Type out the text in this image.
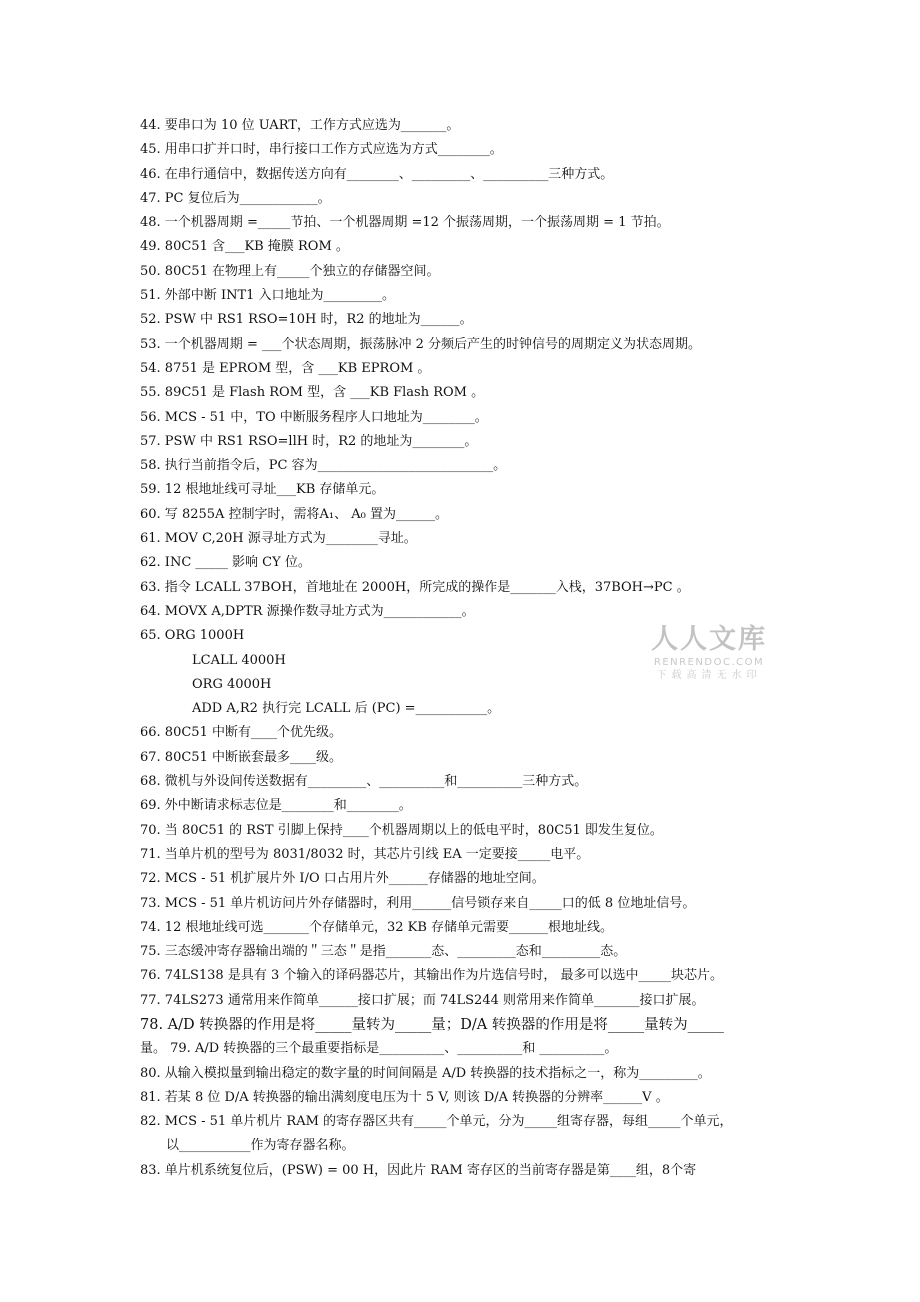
44. 要串口为 10 位 UART，工作方式应选为_______。
45. 用串口扩并口时，串行接口工作方式应选为方式________。
46. 在串行通信中，数据传送方向有________、_________、__________三种方式。
47. PC 复位后为____________。
48. 一个机器周期 =_____节拍、一个机器周期 =12 个振荡周期，一个振荡周期 = 1 节拍。
49. 80C51 含___KB 掩膜 ROM 。
50. 80C51 在物理上有_____个独立的存储器空间。
51. 外部中断 INT1 入口地址为_________。
52. PSW 中 RS1 RSO=10H 时，R2 的地址为______。
53. 一个机器周期 = ___个状态周期，振荡脉冲 2 分频后产生的时钟信号的周期定义为状态周期。
54. 8751 是 EPROM 型，含 ___KB EPROM 。
55. 89C51 是 Flash ROM 型，含 ___KB Flash ROM 。
56. MCS - 51 中，TO 中断服务程序人口地址为________。
57. PSW 中 RS1 RSO=llH 时，R2 的地址为________。
58. 执行当前指令后，PC 容为___________________________。
59. 12 根地址线可寻址___KB 存储单元。
60. 写 8255A 控制字时，需将A₁、 A₀ 置为______。
61. MOV C,20H 源寻址方式为________寻址。
62. INC _____ 影响 CY 位。
63. 指令 LCALL 37BOH，首地址在 2000H，所完成的操作是_______入栈，37BOH→PC 。
64. MOVX A,DPTR 源操作数寻址方式为____________。
65. ORG 1000H
LCALL 4000H
ORG 4000H
ADD A,R2 执行完 LCALL 后 (PC) =___________。
66. 80C51 中断有____个优先级。
67. 80C51 中断嵌套最多____级。
68. 微机与外设间传送数据有_________、__________和__________三种方式。
69. 外中断请求标志位是________和________。
70. 当 80C51 的 RST 引脚上保持____个机器周期以上的低电平时，80C51 即发生复位。
71. 当单片机的型号为 8031/8032 时，其芯片引线 EA 一定要接_____电平。
72. MCS - 51 机扩展片外 I/O 口占用片外______存储器的地址空间。
73. MCS - 51 单片机访问片外存储器时，利用______信号锁存来自_____口的低 8 位地址信号。
74. 12 根地址线可选_______个存储单元，32 KB 存储单元需要______根地址线。
75. 三态缓冲寄存器输出端的＂三态＂是指_______态、_________态和_________态。
76. 74LS138 是具有 3 个输入的译码器芯片，其输出作为片选信号时， 最多可以选中_____块芯片。
77. 74LS273 通常用来作简单______接口扩展；而 74LS244 则常用来作简单_______接口扩展。
78. A/D 转换器的作用是将_____量转为_____量；D/A 转换器的作用是将_____量转为_____
量。 79. A/D 转换器的三个最重要指标是__________、__________和 __________。
80. 从输入模拟量到输出稳定的数字量的时间间隔是 A/D 转换器的技术指标之一，称为_________。
81. 若某 8 位 D/A 转换器的输出满刻度电压为十 5 V, 则该 D/A 转换器的分辨率______V 。
82. MCS - 51 单片机片 RAM 的寄存器区共有_____个单元，分为_____组寄存器，每组_____个单元，
以___________作为寄存器名称。
83. 单片机系统复位后，(PSW) = 00 H，因此片 RAM 寄存区的当前寄存器是第____组，8个寄
人人文库
RENRENDOC.COM
下载高清无水印
